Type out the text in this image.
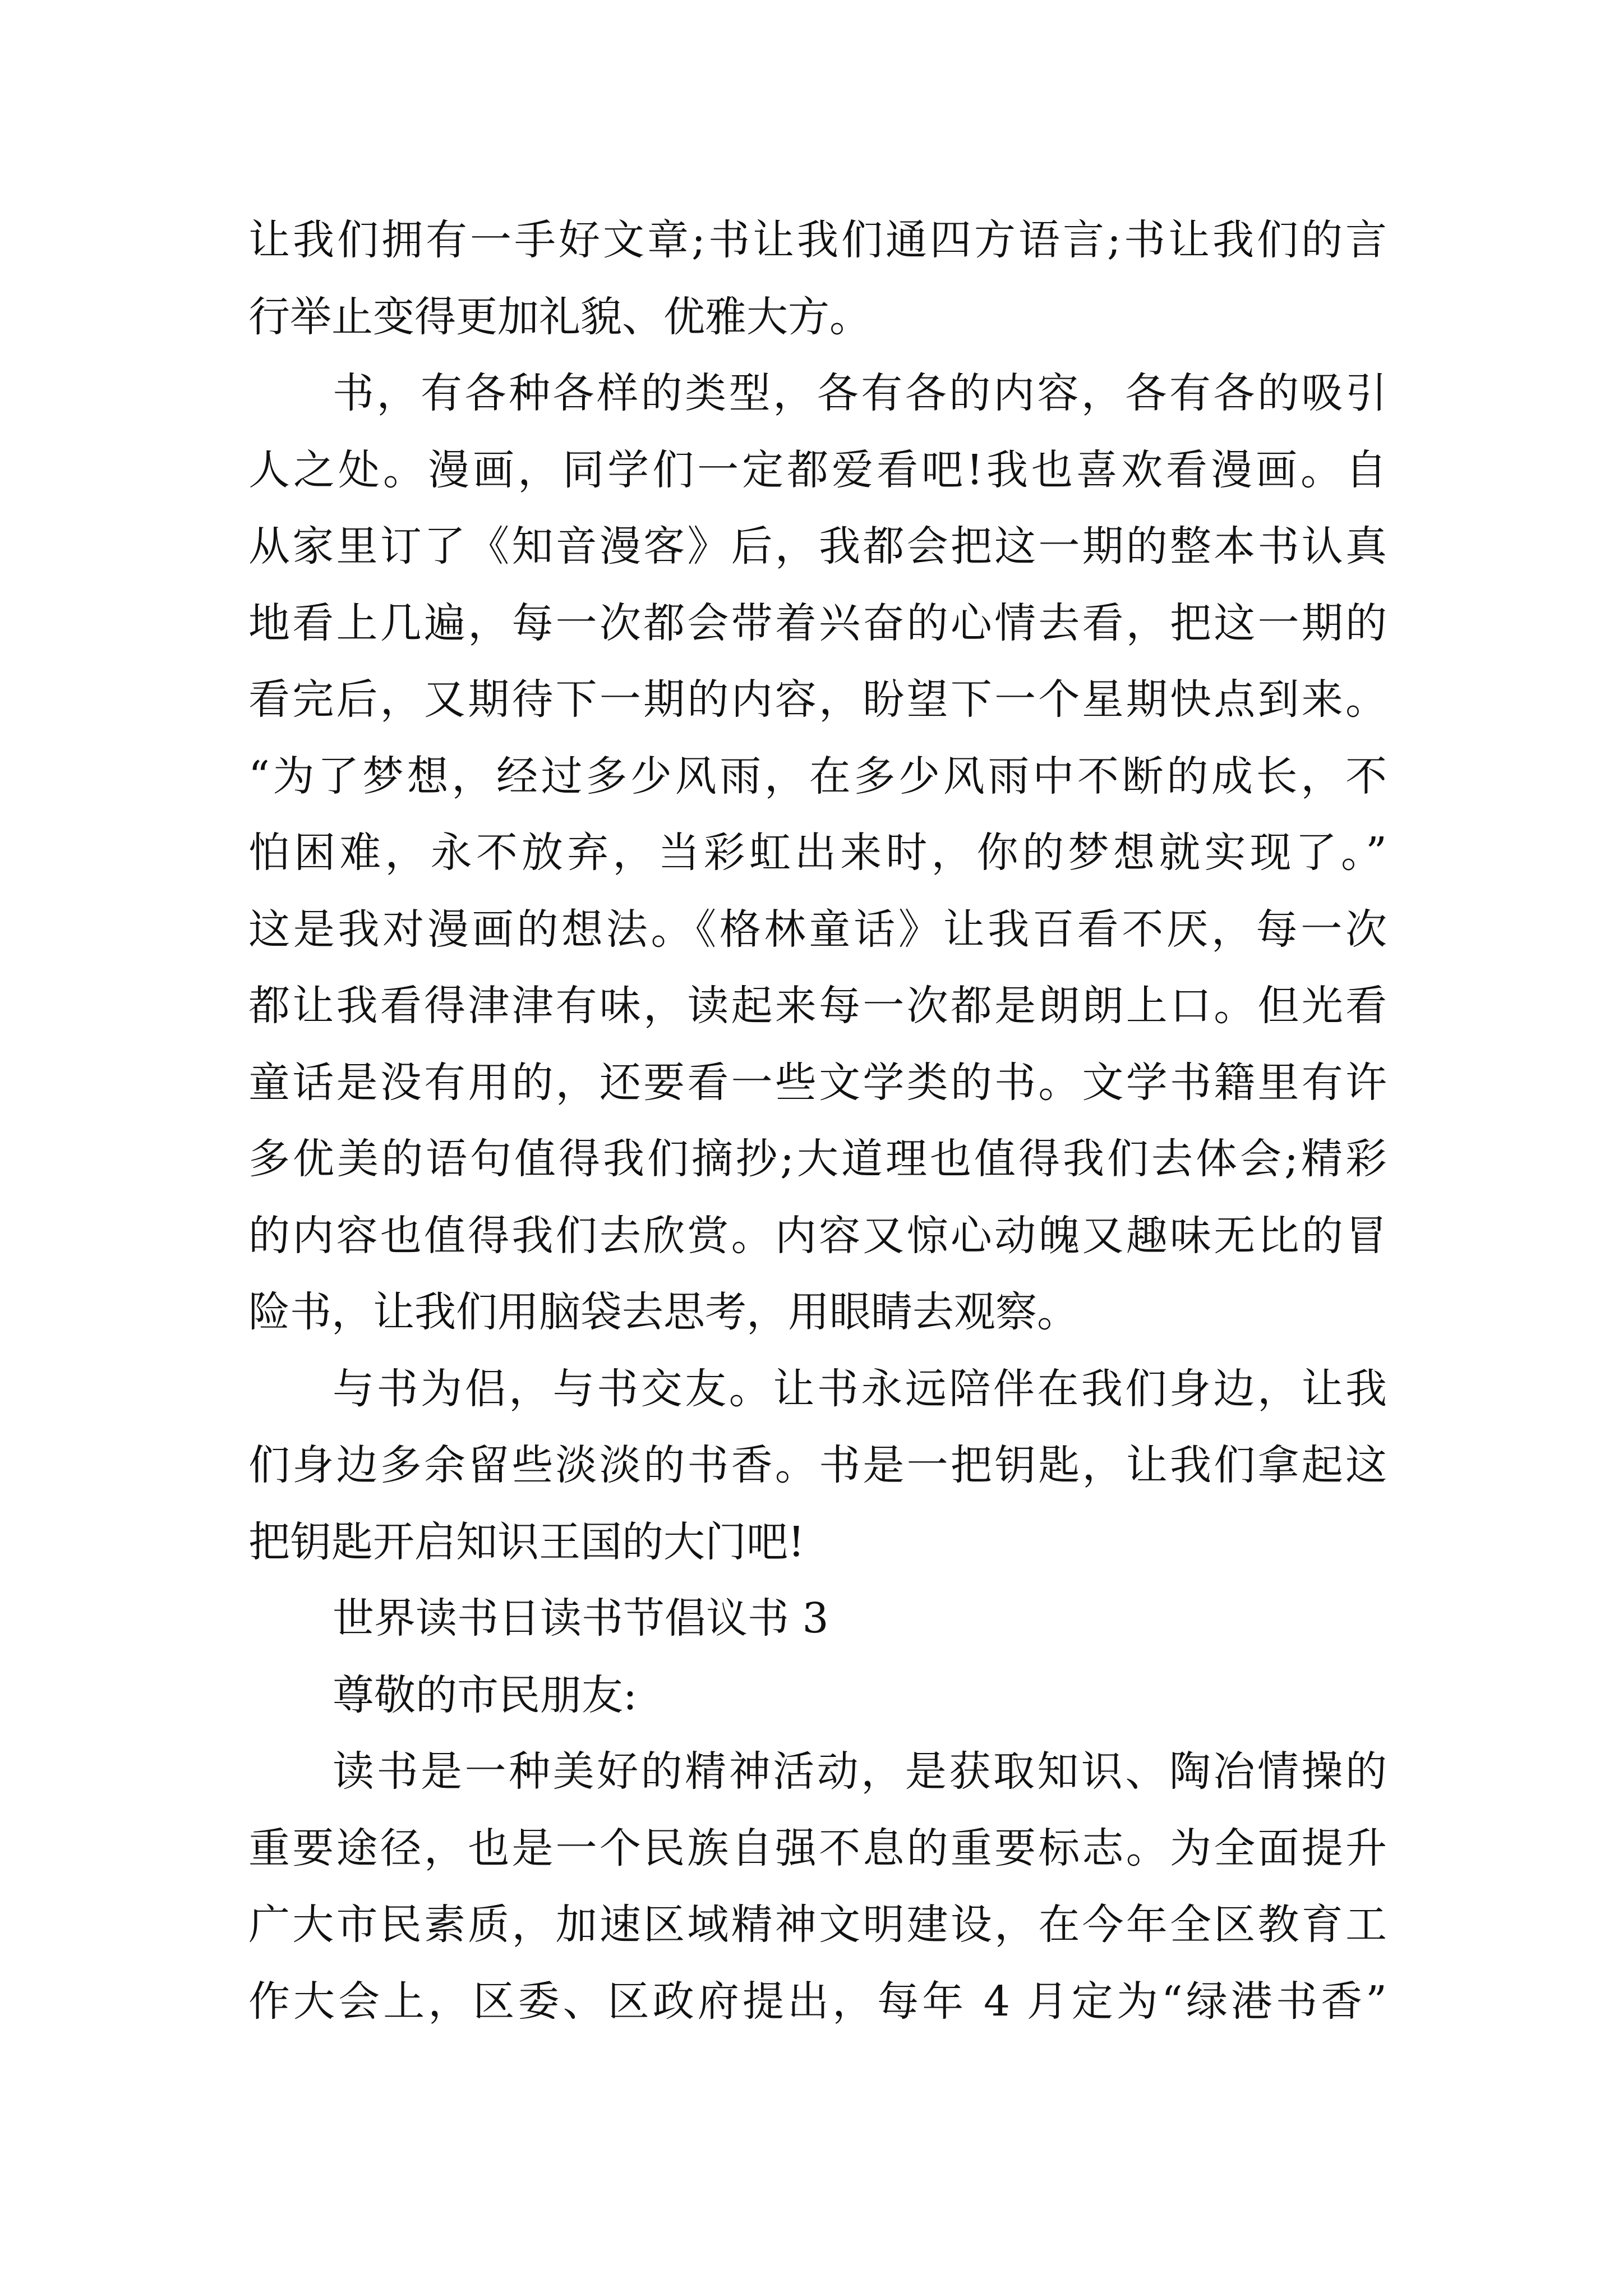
让我们拥有一手好文章;书让我们通四方语言;书让我们的言
行举止变得更加礼貌、优雅大方。
书，有各种各样的类型，各有各的内容，各有各的吸引
人之处。漫画，同学们一定都爱看吧!我也喜欢看漫画。自
从家里订了《知音漫客》后，我都会把这一期的整本书认真
地看上几遍，每一次都会带着兴奋的心情去看，把这一期的
看完后，又期待下一期的内容，盼望下一个星期快点到来。
“为了梦想，经过多少风雨，在多少风雨中不断的成长，不
怕困难，永不放弃，当彩虹出来时，你的梦想就实现了。”
这是我对漫画的想法。《格林童话》让我百看不厌，每一次
都让我看得津津有味，读起来每一次都是朗朗上口。但光看
童话是没有用的，还要看一些文学类的书。文学书籍里有许
多优美的语句值得我们摘抄;大道理也值得我们去体会;精彩
的内容也值得我们去欣赏。内容又惊心动魄又趣味无比的冒
险书，让我们用脑袋去思考，用眼睛去观察。
与书为侣，与书交友。让书永远陪伴在我们身边，让我
们身边多余留些淡淡的书香。书是一把钥匙，让我们拿起这
把钥匙开启知识王国的大门吧!
世界读书日读书节倡议书 3
尊敬的市民朋友:
读书是一种美好的精神活动，是获取知识、陶冶情操的
重要途径，也是一个民族自强不息的重要标志。为全面提升
广大市民素质，加速区域精神文明建设，在今年全区教育工
作大会上，区委、区政府提出，每年 4 月定为“绿港书香”
